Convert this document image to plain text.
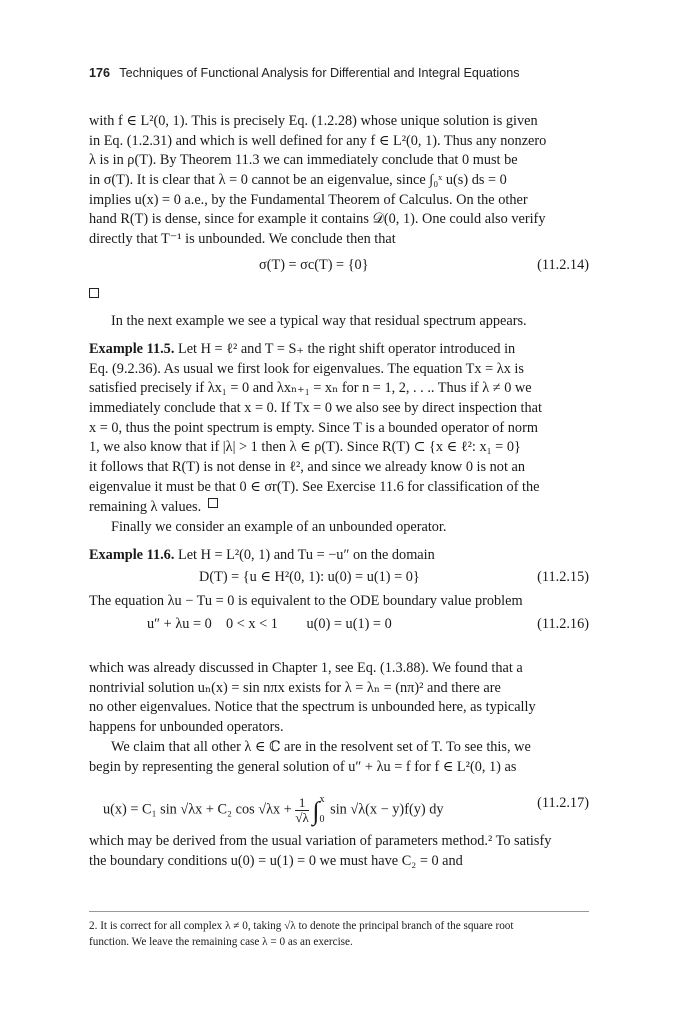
176 Techniques of Functional Analysis for Differential and Integral Equations
with f ∈ L²(0, 1). This is precisely Eq. (1.2.28) whose unique solution is given
in Eq. (1.2.31) and which is well defined for any f ∈ L²(0, 1). Thus any nonzero
λ is in ρ(T). By Theorem 11.3 we can immediately conclude that 0 must be
in σ(T). It is clear that λ = 0 cannot be an eigenvalue, since ∫₀ˣ u(s) ds = 0
implies u(x) = 0 a.e., by the Fundamental Theorem of Calculus. On the other
hand R(T) is dense, since for example it contains 𝒟(0, 1). One could also verify
directly that T⁻¹ is unbounded. We conclude then that
σ(T) = σc(T) = {0}	(11.2.14)
In the next example we see a typical way that residual spectrum appears.
Example 11.5.
Let H = ℓ² and T = S₊ the right shift operator introduced in
Eq. (9.2.36). As usual we first look for eigenvalues. The equation Tx = λx is
satisfied precisely if λx₁ = 0 and λxₙ₊₁ = xₙ for n = 1, 2, . . .. Thus if λ ≠ 0 we
immediately conclude that x = 0. If Tx = 0 we also see by direct inspection that
x = 0, thus the point spectrum is empty. Since T is a bounded operator of norm
1, we also know that if |λ| > 1 then λ ∈ ρ(T). Since R(T) ⊂ {x ∈ ℓ²: x₁ = 0}
it follows that R(T) is not dense in ℓ², and since we already know 0 is not an
eigenvalue it must be that 0 ∈ σr(T). See Exercise 11.6 for classification of the
remaining λ values.

Finally we consider an example of an unbounded operator.
Example 11.6.
Let H = L²(0, 1) and Tu = −u″ on the domain
D(T) = {u ∈ H²(0, 1): u(0) = u(1) = 0}	(11.2.15)
The equation λu − Tu = 0 is equivalent to the ODE boundary value problem
u″ + λu = 0    0 < x < 1        u(0) = u(1) = 0	(11.2.16)
which was already discussed in Chapter 1, see Eq. (1.3.88). We found that a
nontrivial solution uₙ(x) = sin nπx exists for λ = λₙ = (nπ)² and there are
no other eigenvalues. Notice that the spectrum is unbounded here, as typically
happens for unbounded operators.
We claim that all other λ ∈ ℂ are in the resolvent set of T. To see this, we
begin by representing the general solution of u″ + λu = f for f ∈ L²(0, 1) as
u(x) = C₁ sin √λx + C₂ $\cos √\lambda x + \frac{1}{√\lambda}$ ∫ x
0
sin √λ(x − y)f(y) dy	(11.2.17)
which may be derived from the usual variation of parameters method.² To satisfy
the boundary conditions u(0) = u(1) = 0 we must have C₂ = 0 and
2. It is correct for all complex λ ≠ 0, taking √λ to denote the principal branch of the square root
function. We leave the remaining case λ = 0 as an exercise.
